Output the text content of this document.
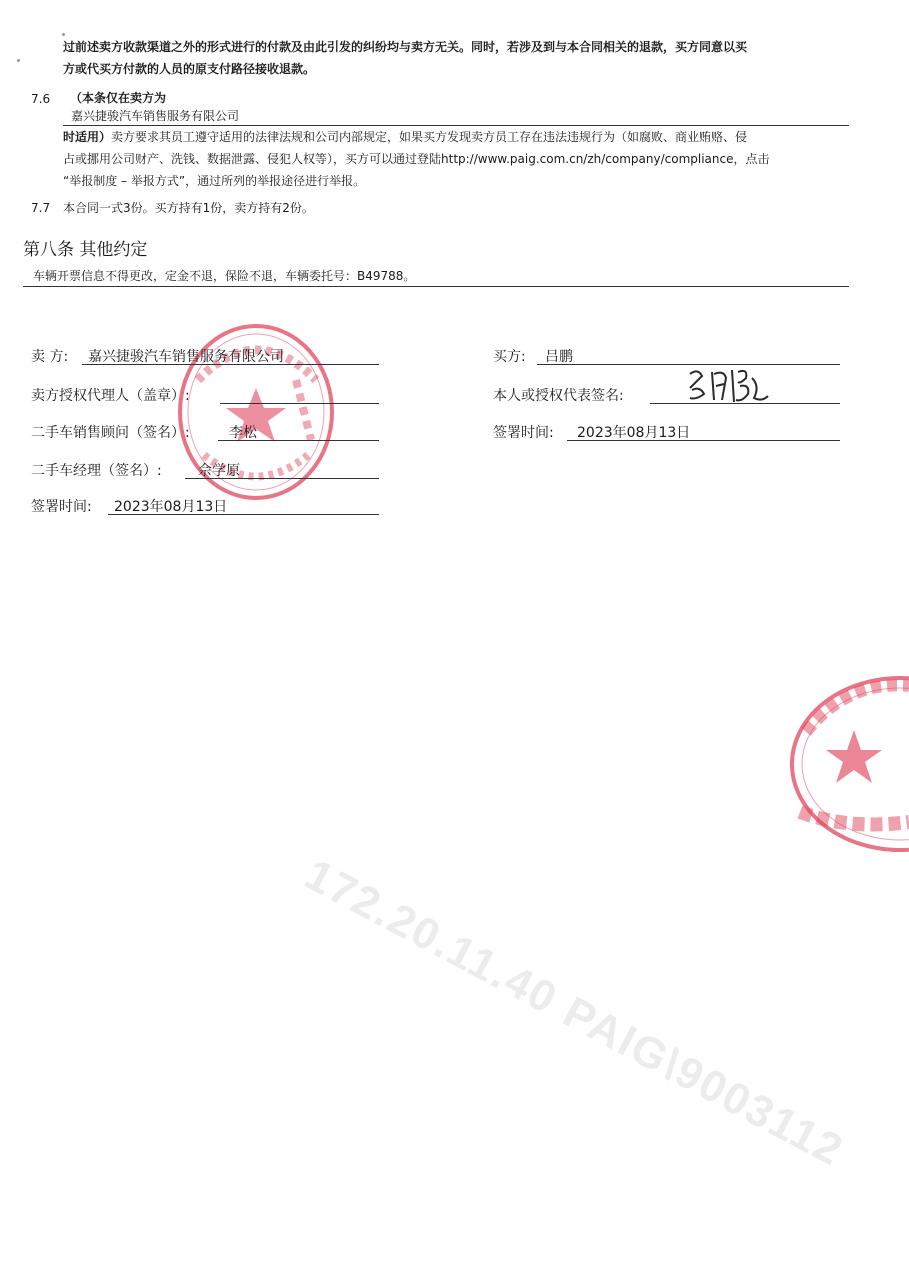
过前述卖方收款渠道之外的形式进行的付款及由此引发的纠纷均与卖方无关。同时，若涉及到与本合同相关的退款，买方同意以买
方或代买方付款的人员的原支付路径接收退款。
7.6 （本条仅在卖方为
嘉兴捷骏汽车销售服务有限公司
时适用）卖方要求其员工遵守适用的法律法规和公司内部规定，如果买方发现卖方员工存在违法违规行为（如腐败、商业贿赂、侵
占或挪用公司财产、洗钱、数据泄露、侵犯人权等），买方可以通过登陆http://www.paig.com.cn/zh/company/compliance，点击
“举报制度 – 举报方式”，通过所列的举报途径进行举报。
7.7 本合同一式3份。买方持有1份，卖方持有2份。
第八条 其他约定
车辆开票信息不得更改，定金不退，保险不退，车辆委托号：B49788。
卖 方: 嘉兴捷骏汽车销售服务有限公司
卖方授权代理人（盖章）:
二手车销售顾问（签名）:	李松
二手车经理（签名）:	佘学原
签署时间: 2023年08月13日
买方: 吕鹏
本人或授权代表签名:
签署时间: 2023年08月13日
172.20.11.40 PAIG\9003112
